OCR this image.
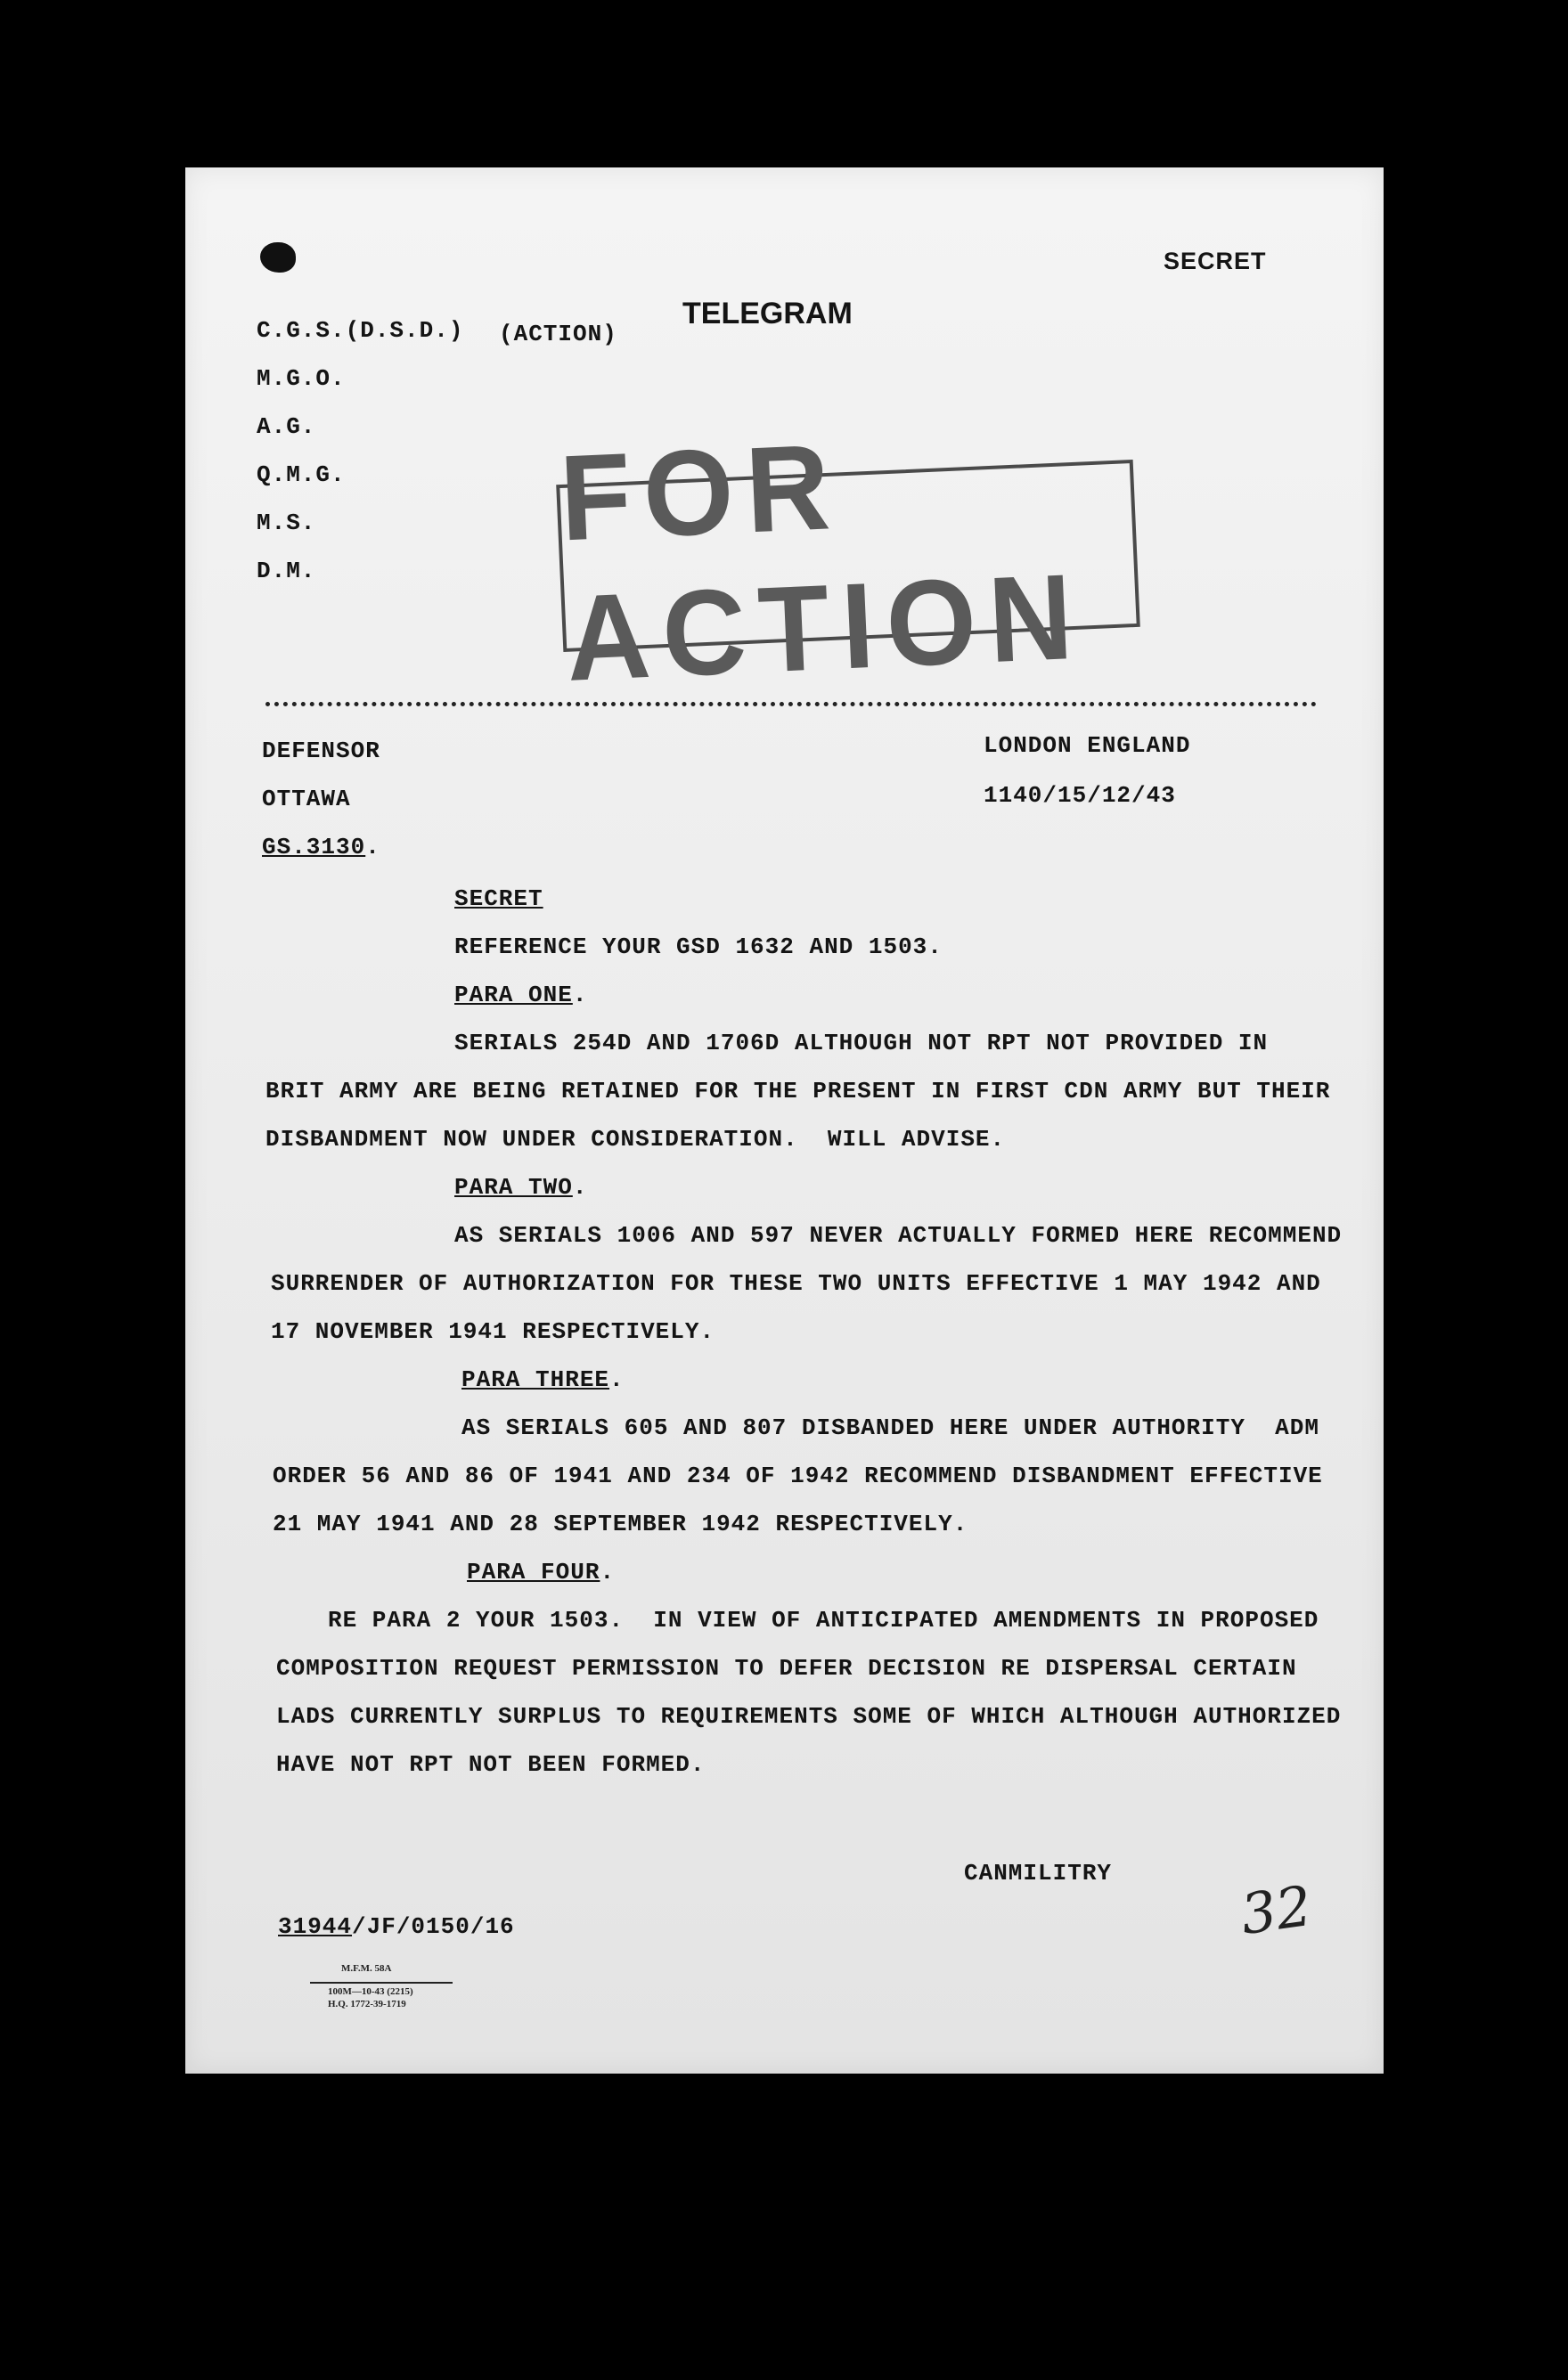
SECRET
TELEGRAM
C.G.S.(D.S.D.) (ACTION)
M.G.O.
A.G.
Q.M.G.
M.S.
D.M.
FOR ACTION
DEFENSOR
OTTAWA
GS.3130.
LONDON ENGLAND
1140/15/12/43
SECRET
REFERENCE YOUR GSD 1632 AND 1503.
PARA ONE.
SERIALS 254D AND 1706D ALTHOUGH NOT RPT NOT PROVIDED IN
BRIT ARMY ARE BEING RETAINED FOR THE PRESENT IN FIRST CDN ARMY BUT THEIR
DISBANDMENT NOW UNDER CONSIDERATION.  WILL ADVISE.
PARA TWO.
AS SERIALS 1006 AND 597 NEVER ACTUALLY FORMED HERE RECOMMEND
SURRENDER OF AUTHORIZATION FOR THESE TWO UNITS EFFECTIVE 1 MAY 1942 AND
17 NOVEMBER 1941 RESPECTIVELY.
PARA THREE.
AS SERIALS 605 AND 807 DISBANDED HERE UNDER AUTHORITY  ADM
ORDER 56 AND 86 OF 1941 AND 234 OF 1942 RECOMMEND DISBANDMENT EFFECTIVE
21 MAY 1941 AND 28 SEPTEMBER 1942 RESPECTIVELY.
PARA FOUR.
RE PARA 2 YOUR 1503.  IN VIEW OF ANTICIPATED AMENDMENTS IN PROPOSED
COMPOSITION REQUEST PERMISSION TO DEFER DECISION RE DISPERSAL CERTAIN
LADS CURRENTLY SURPLUS TO REQUIREMENTS SOME OF WHICH ALTHOUGH AUTHORIZED
HAVE NOT RPT NOT BEEN FORMED.
CANMILITRY 32
31944/JF/0150/16
M.F.M. 58A
100M—10-43 (2215)
H.Q. 1772-39-1719
